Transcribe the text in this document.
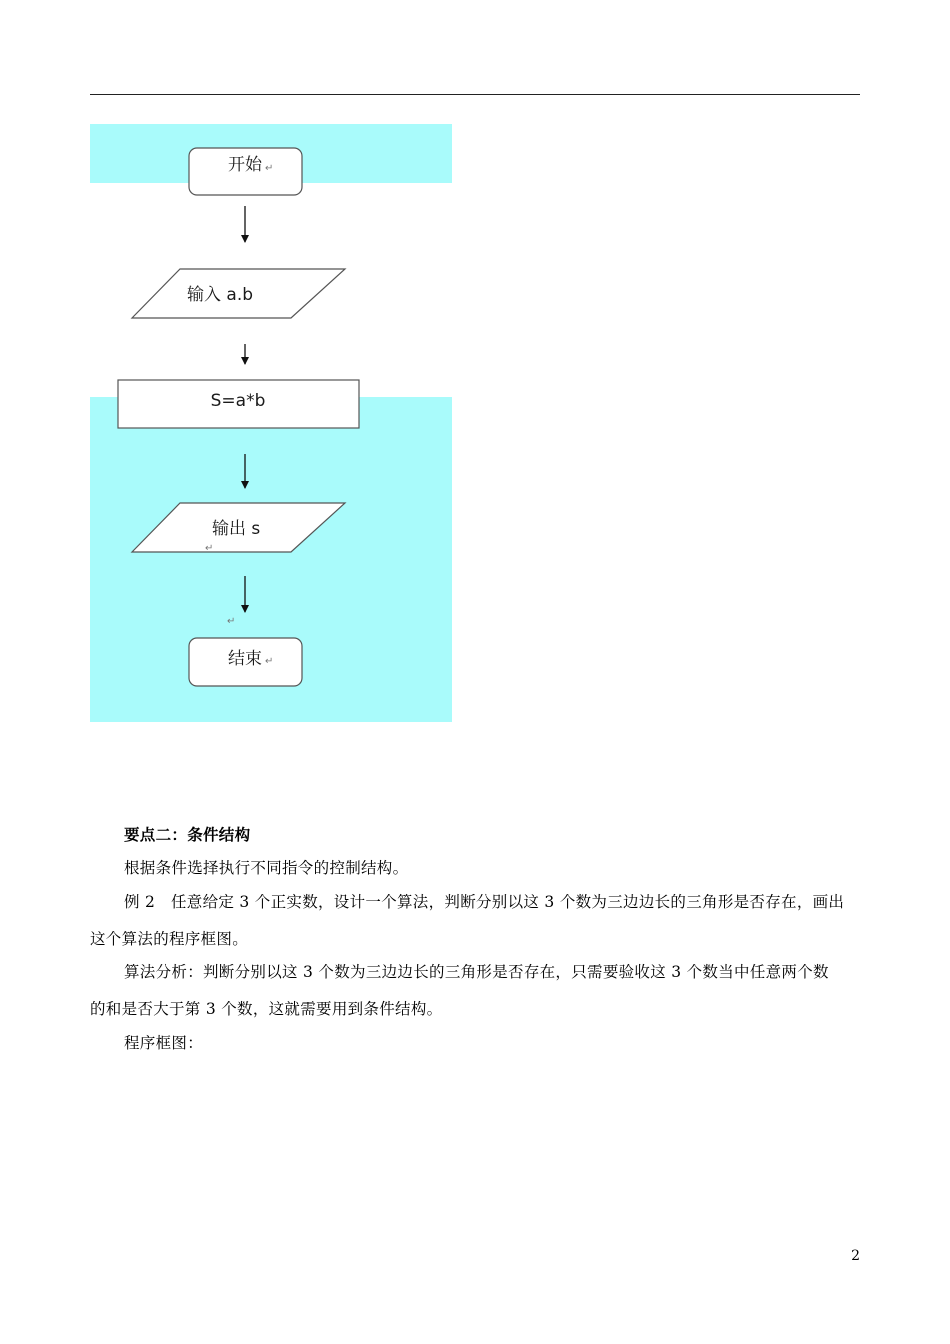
开始 ↵
输入 a.b
S=a*b
输出 s
↵
↵
结束 ↵
要点二：条件结构
根据条件选择执行不同指令的控制结构。
例 2　任意给定 3 个正实数，设计一个算法，判断分别以这 3 个数为三边边长的三角形是否存在，画出
这个算法的程序框图。
算法分析：判断分别以这 3 个数为三边边长的三角形是否存在，只需要验收这 3 个数当中任意两个数
的和是否大于第 3 个数，这就需要用到条件结构。
程序框图：
2
